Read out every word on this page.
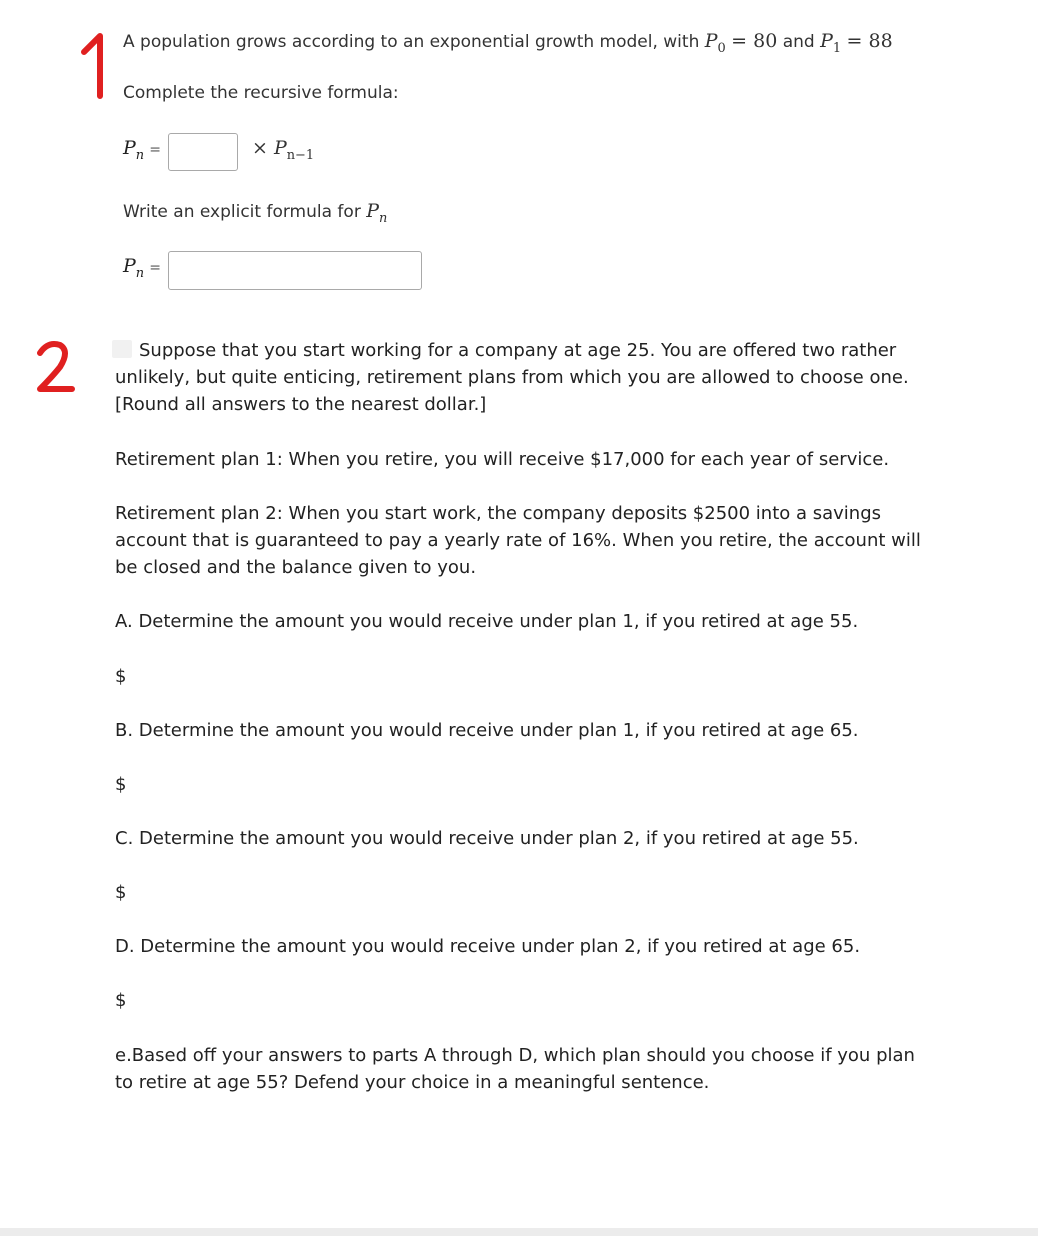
A population grows according to an exponential growth model, with $P_0 = 80$ and $P_1 = 88$
Complete the recursive formula:
$P_n$ =	× $P_{n-1}$
Write an explicit formula for $P_n$
$P_n$ =
Suppose that you start working for a company at age 25. You are offered two rather
unlikely, but quite enticing, retirement plans from which you are allowed to choose one.
[Round all answers to the nearest dollar.]
Retirement plan 1: When you retire, you will receive $17,000 for each year of service.
Retirement plan 2: When you start work, the company deposits $2500 into a savings
account that is guaranteed to pay a yearly rate of 16%. When you retire, the account will
be closed and the balance given to you.
A. Determine the amount you would receive under plan 1, if you retired at age 55.
$
B. Determine the amount you would receive under plan 1, if you retired at age 65.
$
C. Determine the amount you would receive under plan 2, if you retired at age 55.
$
D. Determine the amount you would receive under plan 2, if you retired at age 65.
$
e.Based off your answers to parts A through D, which plan should you choose if you plan
to retire at age 55? Defend your choice in a meaningful sentence.
